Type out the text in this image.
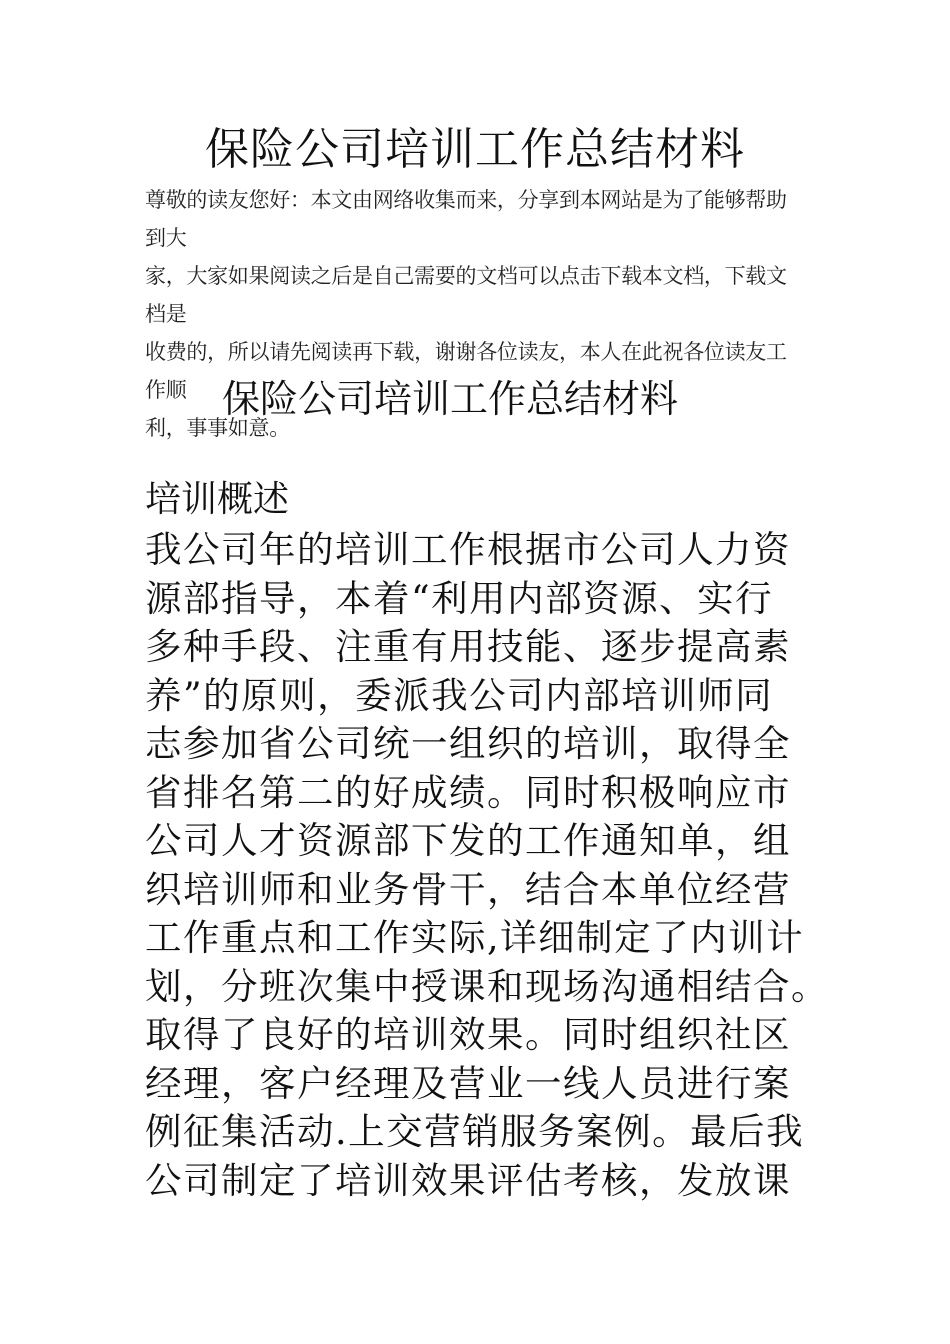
保险公司培训工作总结材料
尊敬的读友您好：本文由网络收集而来，分享到本网站是为了能够帮助到大
家，大家如果阅读之后是自己需要的文档可以点击下载本文档，下载文档是
收费的，所以请先阅读再下载，谢谢各位读友，本人在此祝各位读友工作顺
利，事事如意。
保险公司培训工作总结材料
培训概述
我公司年的培训工作根据市公司人力资
源部指导，本着“利用内部资源、实行
多种手段、注重有用技能、逐步提高素
养”的原则，委派我公司内部培训师同
志参加省公司统一组织的培训，取得全
省排名第二的好成绩。同时积极响应市
公司人才资源部下发的工作通知单，组
织培训师和业务骨干，结合本单位经营
工作重点和工作实际,详细制定了内训计
划，分班次集中授课和现场沟通相结合。
取得了良好的培训效果。同时组织社区
经理，客户经理及营业一线人员进行案
例征集活动.上交营销服务案例。最后我
公司制定了培训效果评估考核，发放课
